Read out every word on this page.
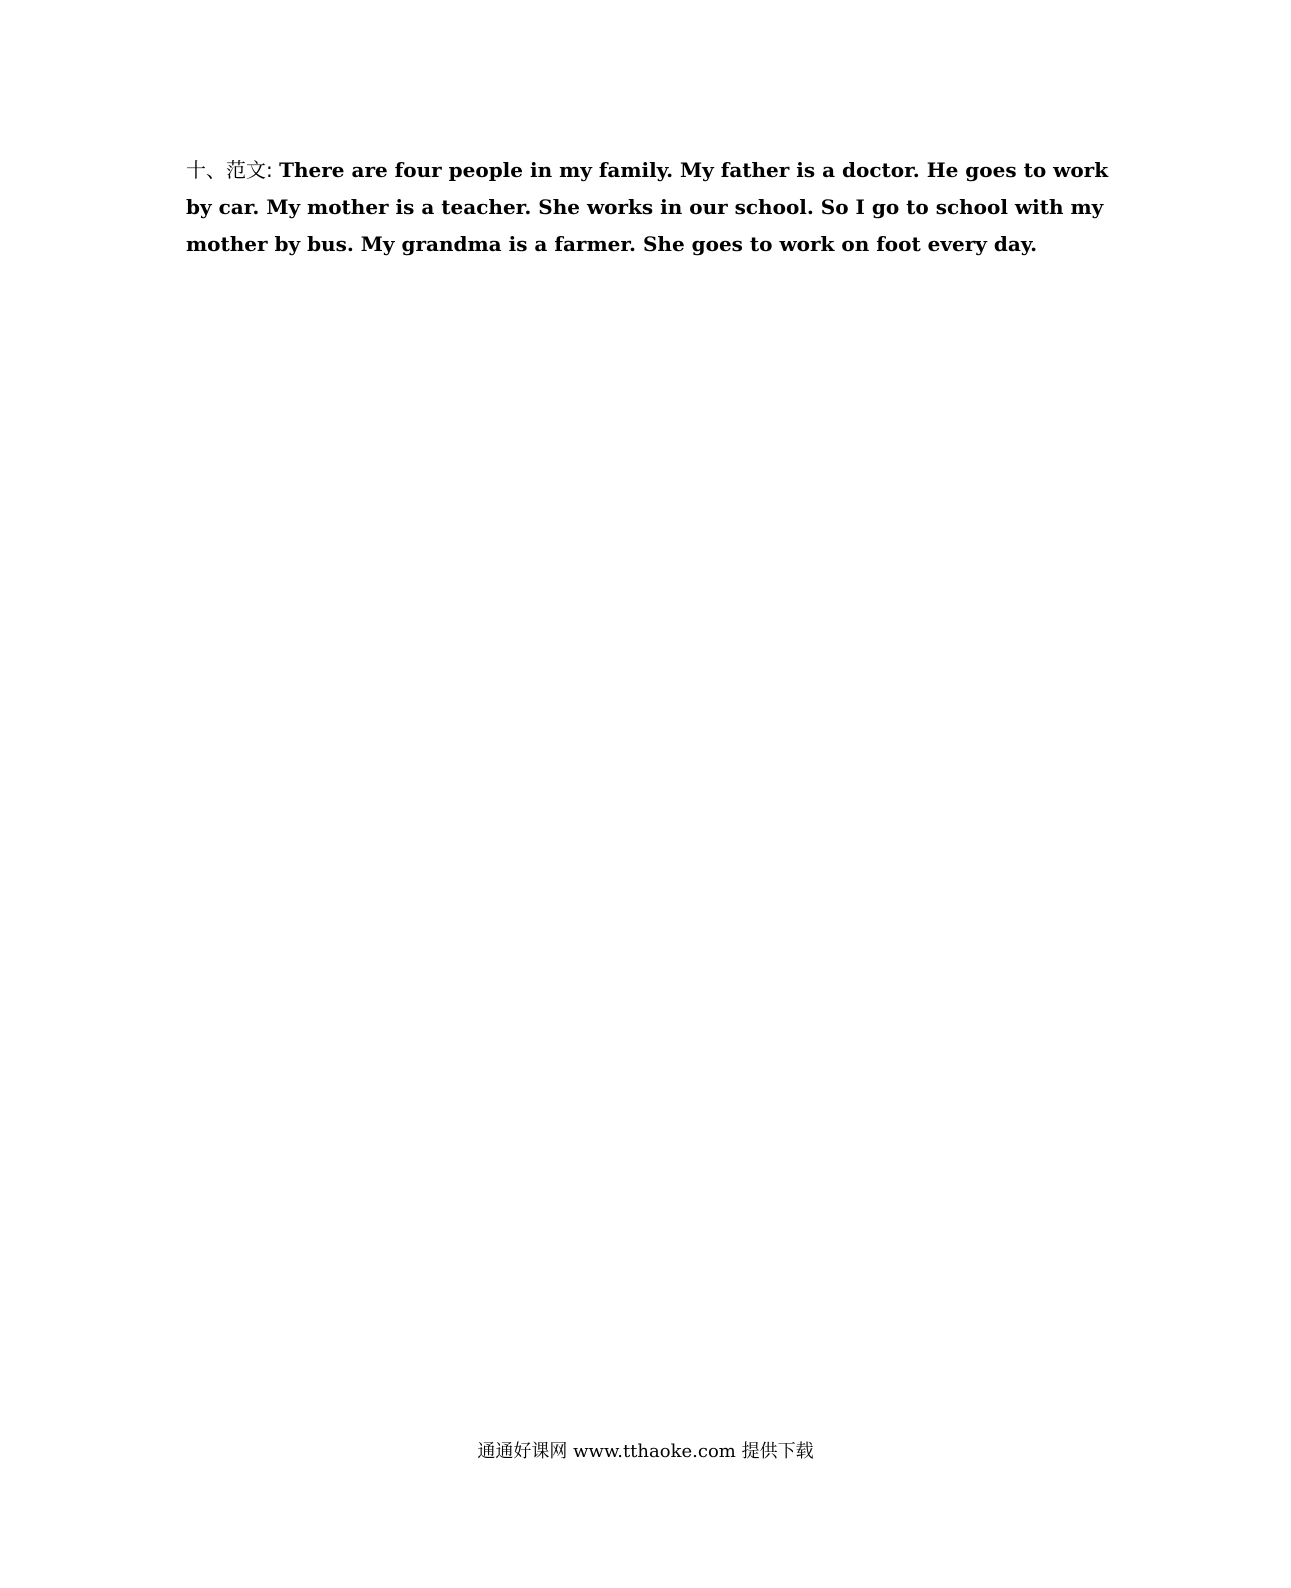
十、范文: There are four people in my family. My father is a doctor. He goes to work
by car. My mother is a teacher. She works in our school. So I go to school with my
mother by bus. My grandma is a farmer. She goes to work on foot every day.
通通好课网 www.tthaoke.com 提供下载
